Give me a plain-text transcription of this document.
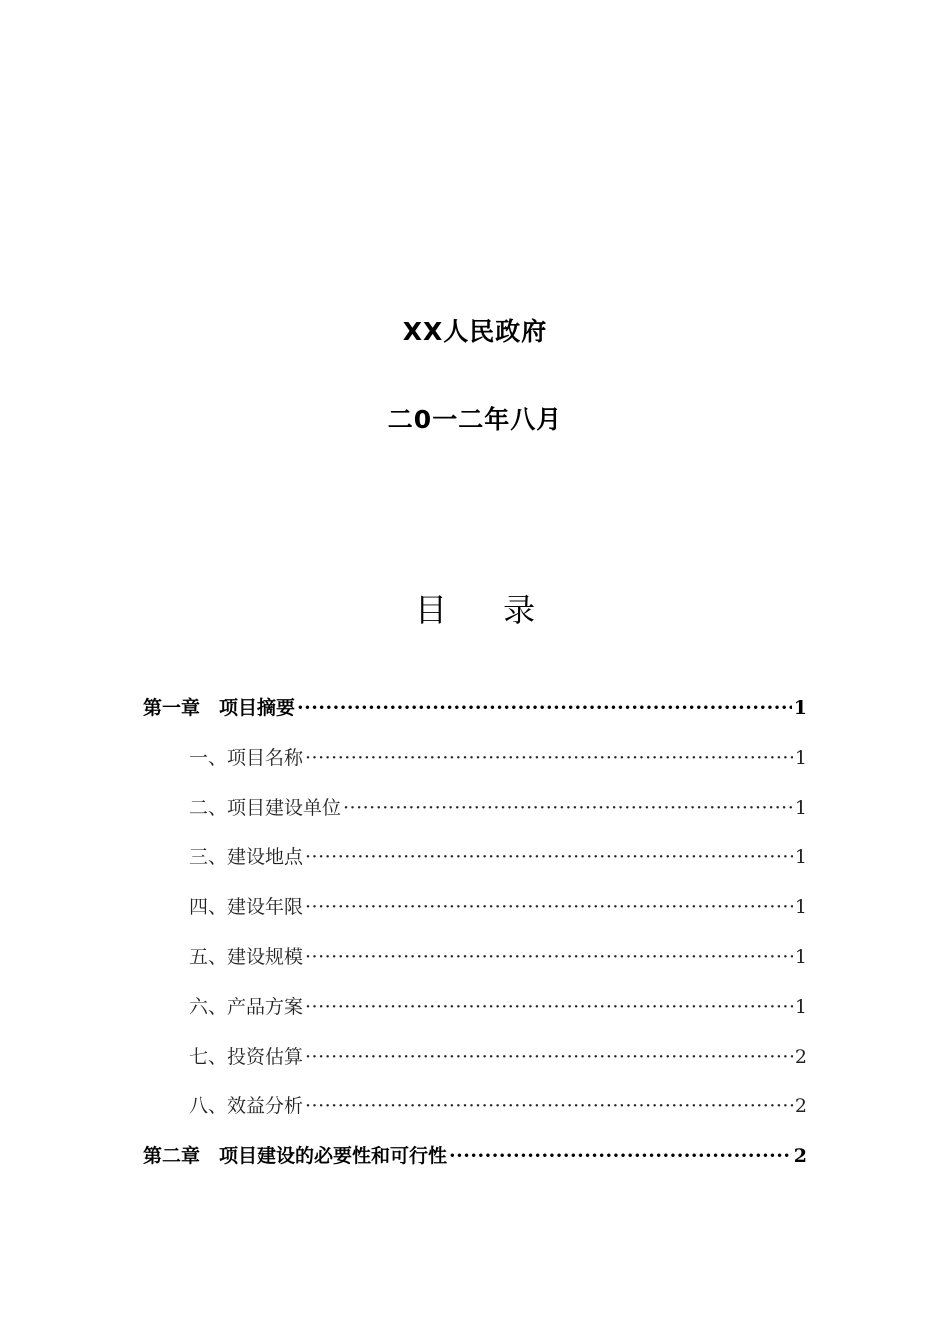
XX人民政府
二0一二年八月
目 录
第一章　项目摘要 ·····	1
一、项目名称 ·····	1
二、项目建设单位 ·····	1
三、建设地点 ·····	1
四、建设年限 ·····	1
五、建设规模 ·····	1
六、产品方案 ·····	1
七、投资估算 ·····	2
八、效益分析 ·····	2
第二章　项目建设的必要性和可行性 ·····	2
